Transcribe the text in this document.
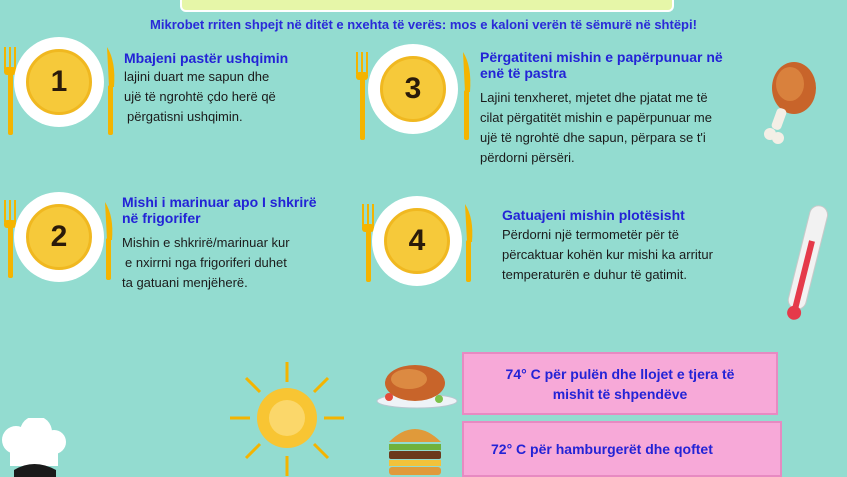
Mikrobet rriten shpejt në ditët e nxehta të verës: mos e kaloni verën të sëmurë në shtëpi!
1
Mbajeni pastër ushqimin
lajini duart me sapun dhe
ujë të ngrohtë çdo herë që
përgatisni ushqimin.
3
Përgatiteni mishin e papërpunuar në
enë të pastra
Lajini tenxheret, mjetet dhe pjatat me të
cilat përgatitët mishin e papërpunuar me
ujë të ngrohtë dhe sapun, përpara se t'i
përdorni përsëri.
2
Mishi i marinuar apo I shkrirë
në frigorifer
Mishin e shkrirë/marinuar kur
e nxirrni nga frigoriferi duhet
ta gatuani menjëherë.
4
Gatuajeni mishin plotësisht
Përdorni një termometër për të
përcaktuar kohën kur mishi ka arritur
temperaturën e duhur të gatimit.
74° C për pulën dhe llojet e tjera të
mishit të shpendëve
72° C për hamburgerët dhe qoftet
